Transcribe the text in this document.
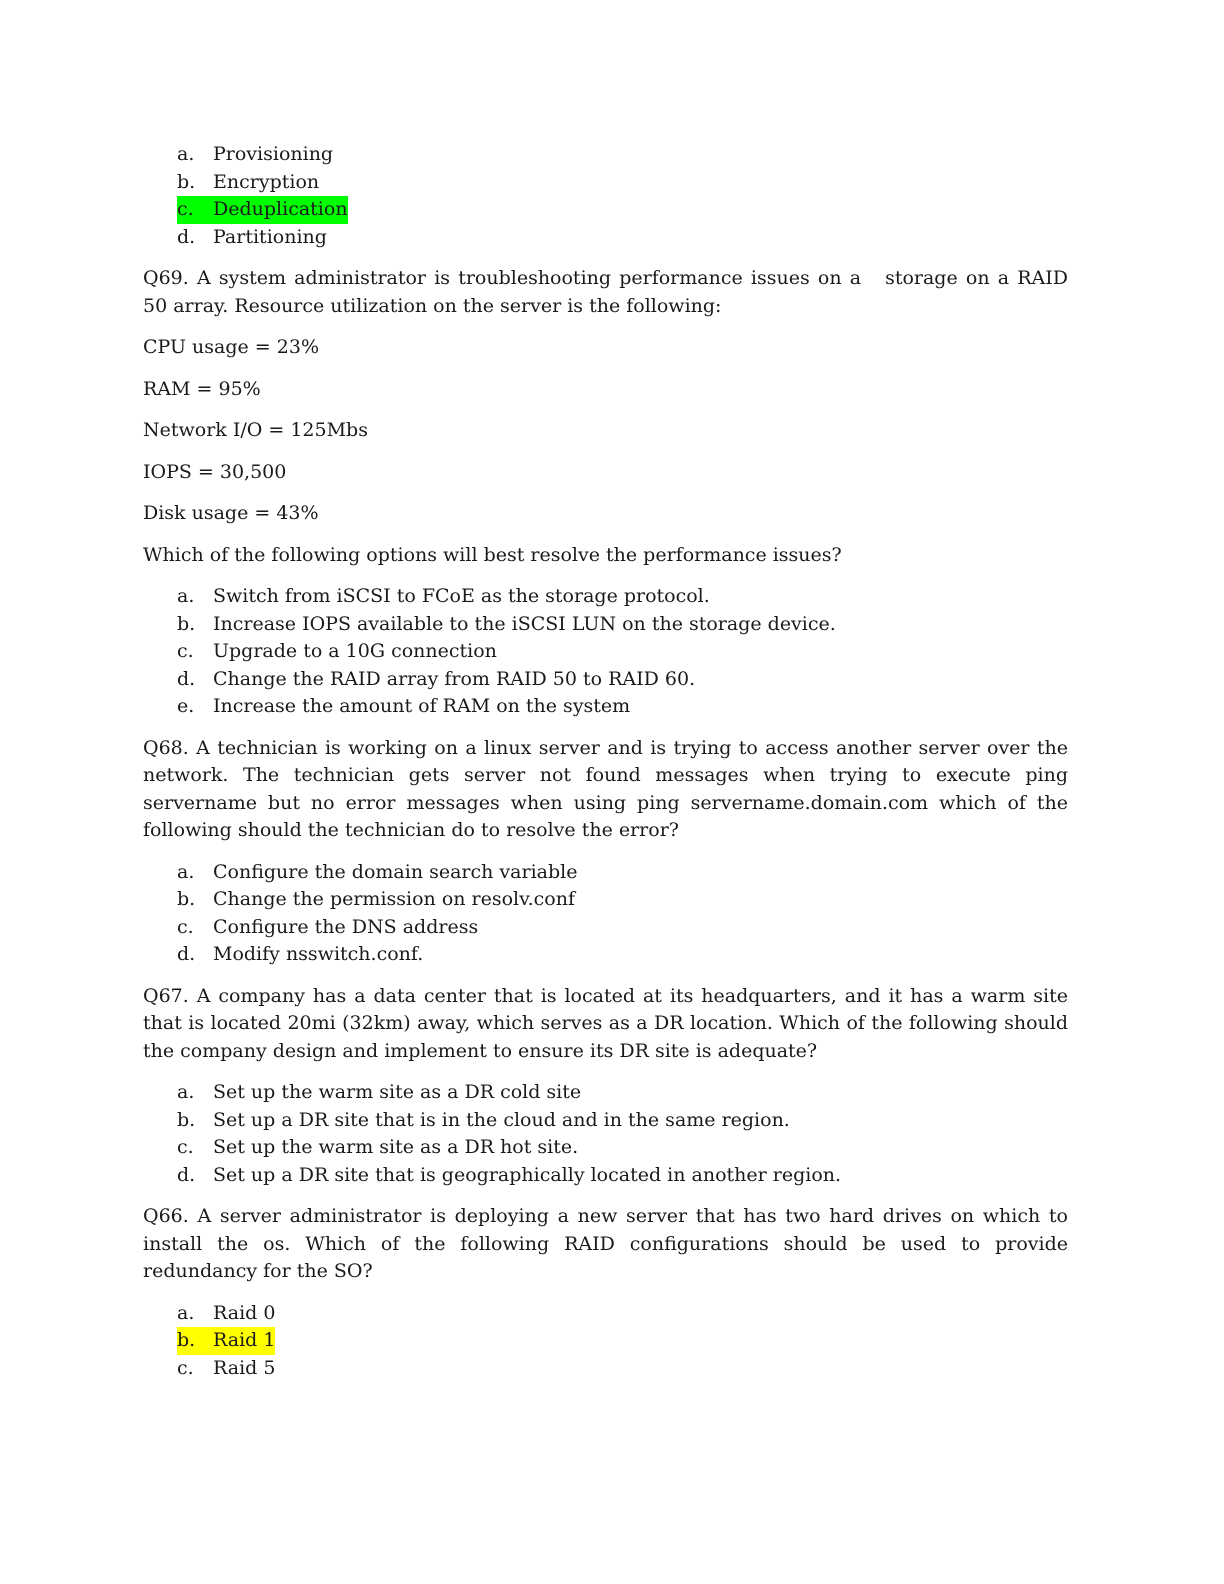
a. Provisioning
b. Encryption
c.	Deduplication
d. Partitioning

Q69. A system administrator is troubleshooting performance issues on a storage on a RAID 50 array. Resource utilization on the server is the following:

CPU usage = 23%

RAM = 95%

Network I/O = 125Mbs

IOPS = 30,500

Disk usage = 43%

Which of the following options will best resolve the performance issues?

a. Switch from iSCSI to FCoE as the storage protocol.
b. Increase IOPS available to the iSCSI LUN on the storage device.
c.	Upgrade to a 10G connection
d. Change the RAID array from RAID 50 to RAID 60.
e. Increase the amount of RAM on the system

Q68. A technician is working on a linux server and is trying to access another server over the network. The technician gets server not found messages when trying to execute ping servername but no error messages when using ping servername.domain.com which of the following should the technician do to resolve the error?

a. Configure the domain search variable
b. Change the permission on resolv.conf
c.	Configure the DNS address
d. Modify nsswitch.conf.

Q67. A company has a data center that is located at its headquarters, and it has a warm site that is located 20mi (32km) away, which serves as a DR location. Which of the following should the company design and implement to ensure its DR site is adequate?

a. Set up the warm site as a DR cold site
b. Set up a DR site that is in the cloud and in the same region.
c.	Set up the warm site as a DR hot site.
d. Set up a DR site that is geographically located in another region.

Q66. A server administrator is deploying a new server that has two hard drives on which to install the os. Which of the following RAID configurations should be used to provide redundancy for the SO?

a. Raid 0
b. Raid 1
c.	Raid 5
